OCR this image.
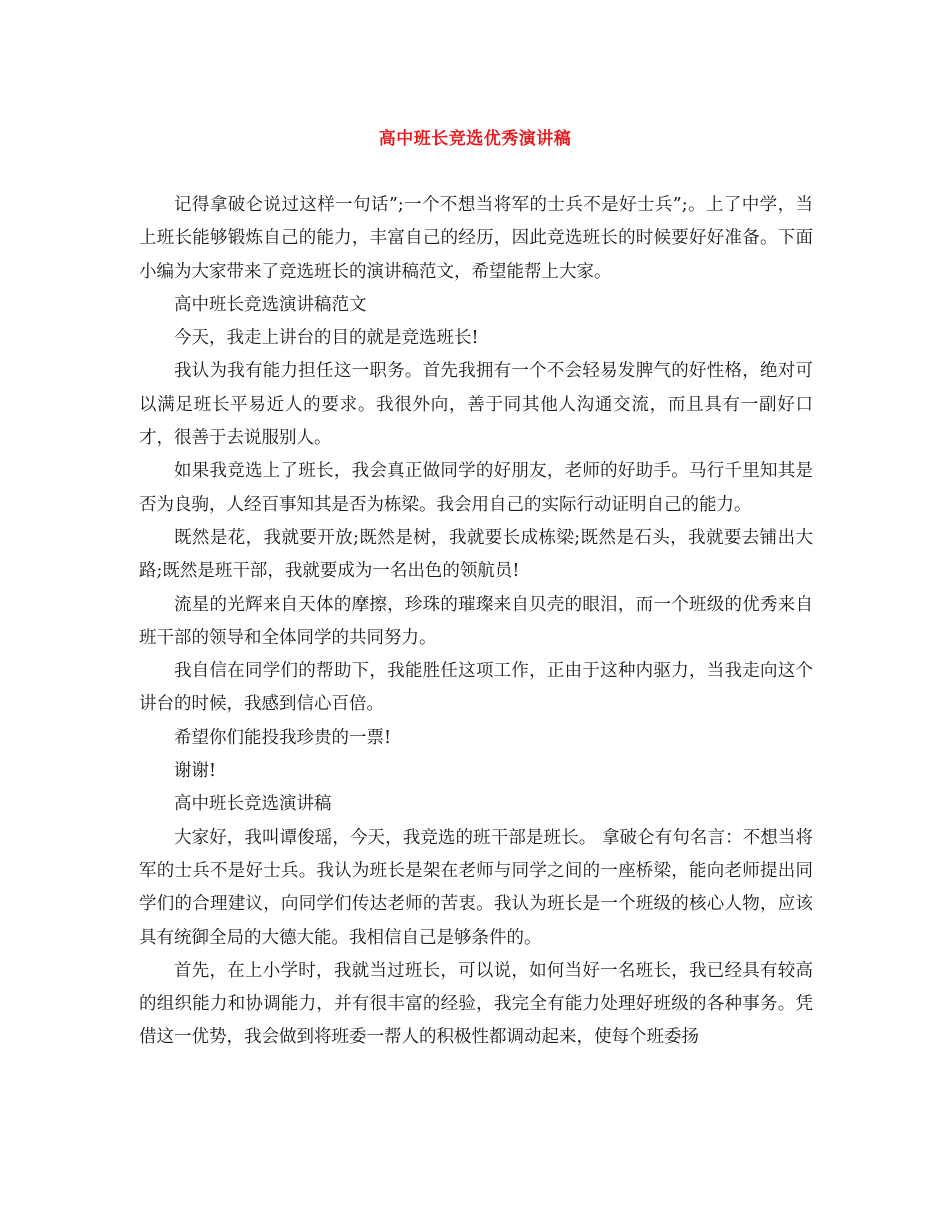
高中班长竞选优秀演讲稿

记得拿破仑说过这样一句话”;一个不想当将军的士兵不是好士兵”;。上了中学，当上班长能够锻炼自己的能力，丰富自己的经历，因此竞选班长的时候要好好准备。下面小编为大家带来了竞选班长的演讲稿范文，希望能帮上大家。

高中班长竞选演讲稿范文

今天，我走上讲台的目的就是竞选班长!

我认为我有能力担任这一职务。首先我拥有一个不会轻易发脾气的好性格，绝对可以满足班长平易近人的要求。我很外向，善于同其他人沟通交流，而且具有一副好口才，很善于去说服别人。

如果我竞选上了班长，我会真正做同学的好朋友，老师的好助手。马行千里知其是否为良驹，人经百事知其是否为栋梁。我会用自己的实际行动证明自己的能力。

既然是花，我就要开放;既然是树，我就要长成栋梁;既然是石头，我就要去铺出大路;既然是班干部，我就要成为一名出色的领航员!

流星的光辉来自天体的摩擦，珍珠的璀璨来自贝壳的眼泪，而一个班级的优秀来自班干部的领导和全体同学的共同努力。

我自信在同学们的帮助下，我能胜任这项工作，正由于这种内驱力，当我走向这个讲台的时候，我感到信心百倍。

希望你们能投我珍贵的一票!

谢谢!

高中班长竞选演讲稿

大家好，我叫谭俊瑶，今天，我竞选的班干部是班长。 拿破仑有句名言：不想当将军的士兵不是好士兵。我认为班长是架在老师与同学之间的一座桥梁，能向老师提出同学们的合理建议，向同学们传达老师的苦衷。我认为班长是一个班级的核心人物，应该具有统御全局的大德大能。我相信自己是够条件的。

首先，在上小学时，我就当过班长，可以说，如何当好一名班长，我已经具有较高的组织能力和协调能力，并有很丰富的经验，我完全有能力处理好班级的各种事务。凭借这一优势，我会做到将班委一帮人的积极性都调动起来，使每个班委扬
